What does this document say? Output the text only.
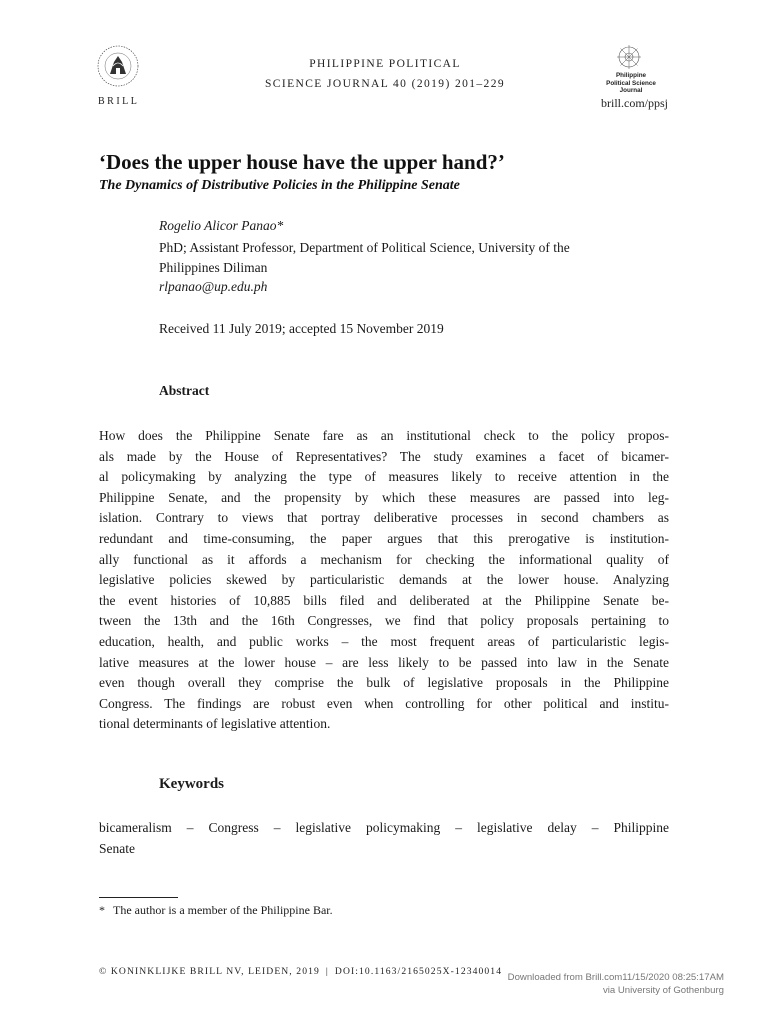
BRILL
PHILIPPINE POLITICAL
SCIENCE JOURNAL 40 (2019) 201–229
Philippine
Political Science
Journal
brill.com/ppsj
‘Does the upper house have the upper hand?’
The Dynamics of Distributive Policies in the Philippine Senate
Rogelio Alicor Panao*
PhD; Assistant Professor, Department of Political Science, University of the
Philippines Diliman
rlpanao@up.edu.ph
Received 11 July 2019; accepted 15 November 2019
Abstract
How does the Philippine Senate fare as an institutional check to the policy propos-
als made by the House of Representatives? The study examines a facet of bicamer-
al policymaking by analyzing the type of measures likely to receive attention in the
Philippine Senate, and the propensity by which these measures are passed into leg-
islation. Contrary to views that portray deliberative processes in second chambers as
redundant and time-consuming, the paper argues that this prerogative is institution-
ally functional as it affords a mechanism for checking the informational quality of
legislative policies skewed by particularistic demands at the lower house. Analyzing
the event histories of 10,885 bills filed and deliberated at the Philippine Senate be-
tween the 13th and the 16th Congresses, we find that policy proposals pertaining to
education, health, and public works – the most frequent areas of particularistic legis-
lative measures at the lower house – are less likely to be passed into law in the Senate
even though overall they comprise the bulk of legislative proposals in the Philippine
Congress. The findings are robust even when controlling for other political and institu-
tional determinants of legislative attention.
Keywords
bicameralism – Congress – legislative policymaking – legislative delay – Philippine
Senate
* The author is a member of the Philippine Bar.
© KONINKLIJKE BRILL NV, LEIDEN, 2019 | DOI:10.1163/2165025X-12340014
Downloaded from Brill.com11/15/2020 08:25:17AM
via University of Gothenburg
